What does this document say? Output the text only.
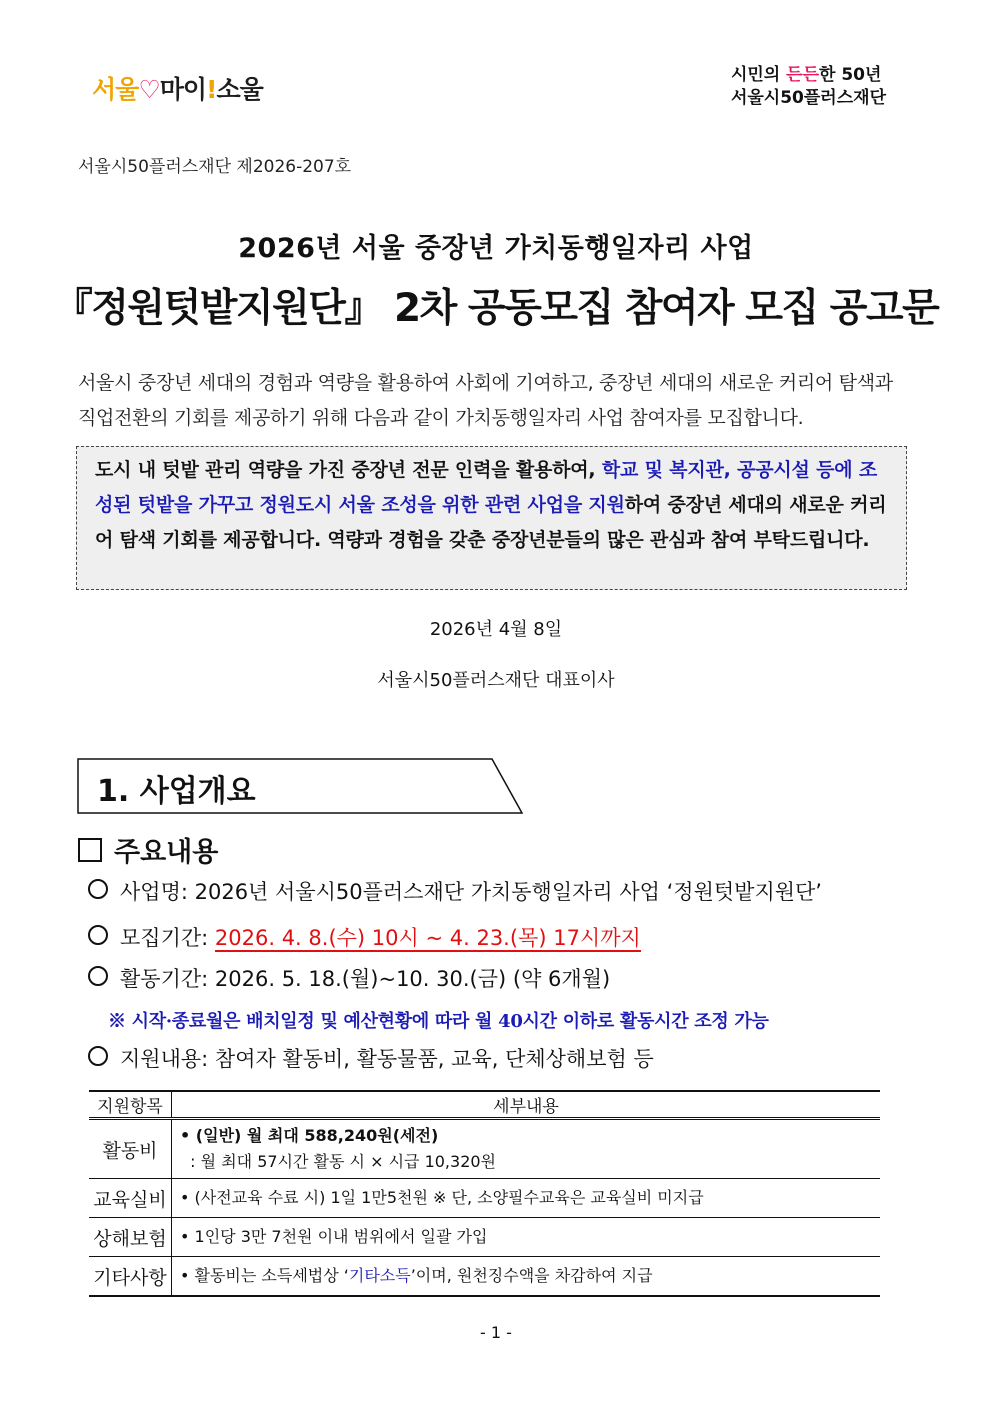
서울♡마이!소울	시민의 든든한 50년
서울시50플러스재단
서울시50플러스재단 제2026-207호
2026년 서울 중장년 가치동행일자리 사업
『정원텃밭지원단』 2차 공동모집 참여자 모집 공고문
서울시 중장년 세대의 경험과 역량을 활용하여 사회에 기여하고, 중장년 세대의 새로운 커리어 탐색과 직업전환의 기회를 제공하기 위해 다음과 같이 가치동행일자리 사업 참여자를 모집합니다.
도시 내 텃밭 관리 역량을 가진 중장년 전문 인력을 활용하여, 학교 및 복지관, 공공시설 등에 조성된 텃밭을 가꾸고 정원도시 서울 조성을 위한 관련 사업을 지원하여 중장년 세대의 새로운 커리어 탐색 기회를 제공합니다. 역량과 경험을 갖춘 중장년분들의 많은 관심과 참여 부탁드립니다.
2026년 4월 8일
서울시50플러스재단 대표이사
1. 사업개요
주요내용
사업명: 2026년 서울시50플러스재단 가치동행일자리 사업 ‘정원텃밭지원단’
모집기간: 2026. 4. 8.(수) 10시 ~ 4. 23.(목) 17시까지
활동기간: 2026. 5. 18.(월)~10. 30.(금) (약 6개월)
※ 시작·종료월은 배치일정 및 예산현황에 따라 월 40시간 이하로 활동시간 조정 가능
지원내용: 참여자 활동비, 활동물품, 교육, 단체상해보험 등
지원항목	세부내용
활동비	• (일반) 월 최대 588,240원(세전)
: 월 최대 57시간 활동 시 × 시급 10,320원

교육실비	• (사전교육 수료 시) 1일 1만5천원 ※ 단, 소양필수교육은 교육실비 미지급
상해보험	• 1인당 3만 7천원 이내 범위에서 일괄 가입
기타사항	• 활동비는 소득세법상 ‘기타소득’이며, 원천징수액을 차감하여 지급
- 1 -
